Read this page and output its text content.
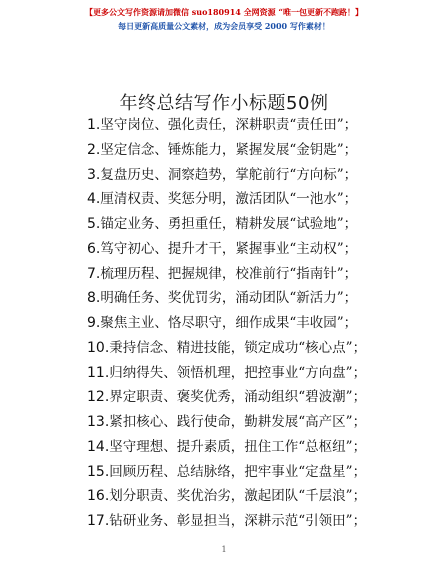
【更多公文写作资源请加微信 suo180914 全网资源 “唯一包更新不跑路！】
每日更新高质量公文素材，成为会员享受 2000 写作素材！
年终总结写作小标题50例
1.坚守岗位、强化责任，深耕职责“责任田”；
2.坚定信念、锤炼能力，紧握发展“金钥匙”；
3.复盘历史、洞察趋势，掌舵前行“方向标”；
4.厘清权责、奖惩分明，激活团队“一池水”；
5.锚定业务、勇担重任，精耕发展“试验地”；
6.笃守初心、提升才干，紧握事业“主动权”；
7.梳理历程、把握规律，校准前行“指南针”；
8.明确任务、奖优罚劣，涌动团队“新活力”；
9.聚焦主业、恪尽职守，细作成果“丰收园”；
10.秉持信念、精进技能，锁定成功“核心点”；
11.归纳得失、领悟机理，把控事业“方向盘”；
12.界定职责、褒奖优秀，涌动组织“碧波潮”；
13.紧扣核心、践行使命，勤耕发展“高产区”；
14.坚守理想、提升素质，扭住工作“总枢纽”；
15.回顾历程、总结脉络，把牢事业“定盘星”；
16.划分职责、奖优治劣，激起团队“千层浪”；
17.钻研业务、彰显担当，深耕示范“引领田”；
1
